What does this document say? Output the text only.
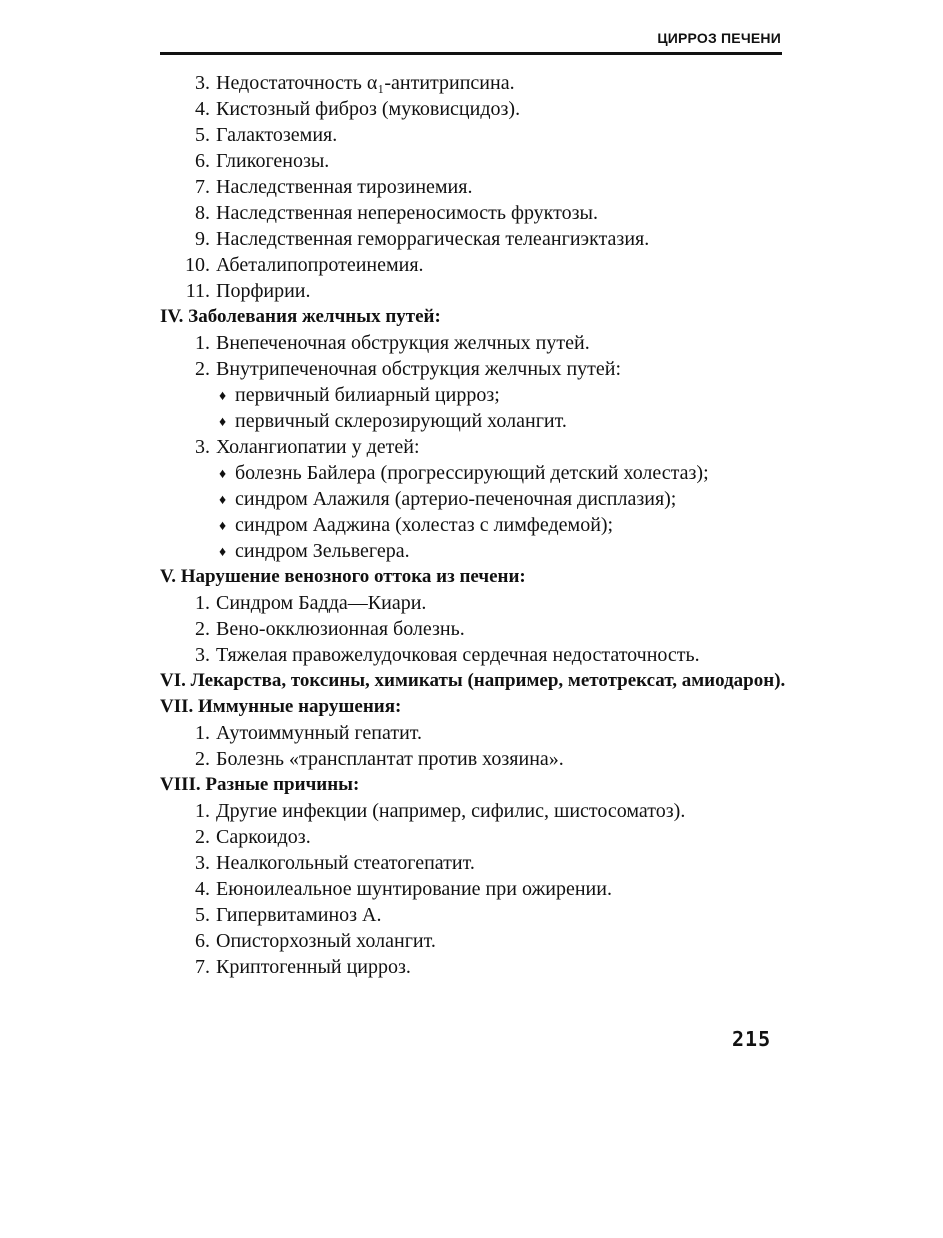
ЦИРРОЗ ПЕЧЕНИ
3. Недостаточность α₁-антитрипсина.
4. Кистозный фиброз (муковисцидоз).
5. Галактоземия.
6. Гликогенозы.
7. Наследственная тирозинемия.
8. Наследственная непереносимость фруктозы.
9. Наследственная геморрагическая телеангиэктазия.
10. Абеталипопротеинемия.
11. Порфирии.
IV. Заболевания желчных путей:
1. Внепеченочная обструкция желчных путей.
2. Внутрипеченочная обструкция желчных путей:
♦ первичный билиарный цирроз;
♦ первичный склерозирующий холангит.
3. Холангиопатии у детей:
♦ болезнь Байлера (прогрессирующий детский холестаз);
♦ синдром Алажиля (артерио-печеночная дисплазия);
♦ синдром Ааджина (холестаз с лимфедемой);
♦ синдром Зельвегера.
V. Нарушение венозного оттока из печени:
1. Синдром Бадда—Киари.
2. Вено-окклюзионная болезнь.
3. Тяжелая правожелудочковая сердечная недостаточность.
VI. Лекарства, токсины, химикаты (например, метотрексат, амиодарон).
VII. Иммунные нарушения:
1. Аутоиммунный гепатит.
2. Болезнь «трансплантат против хозяина».
VIII. Разные причины:
1. Другие инфекции (например, сифилис, шистосоматоз).
2. Саркоидоз.
3. Неалкогольный стеатогепатит.
4. Еюноилеальное шунтирование при ожирении.
5. Гипервитаминоз А.
6. Описторхозный холангит.
7. Криптогенный цирроз.
215
